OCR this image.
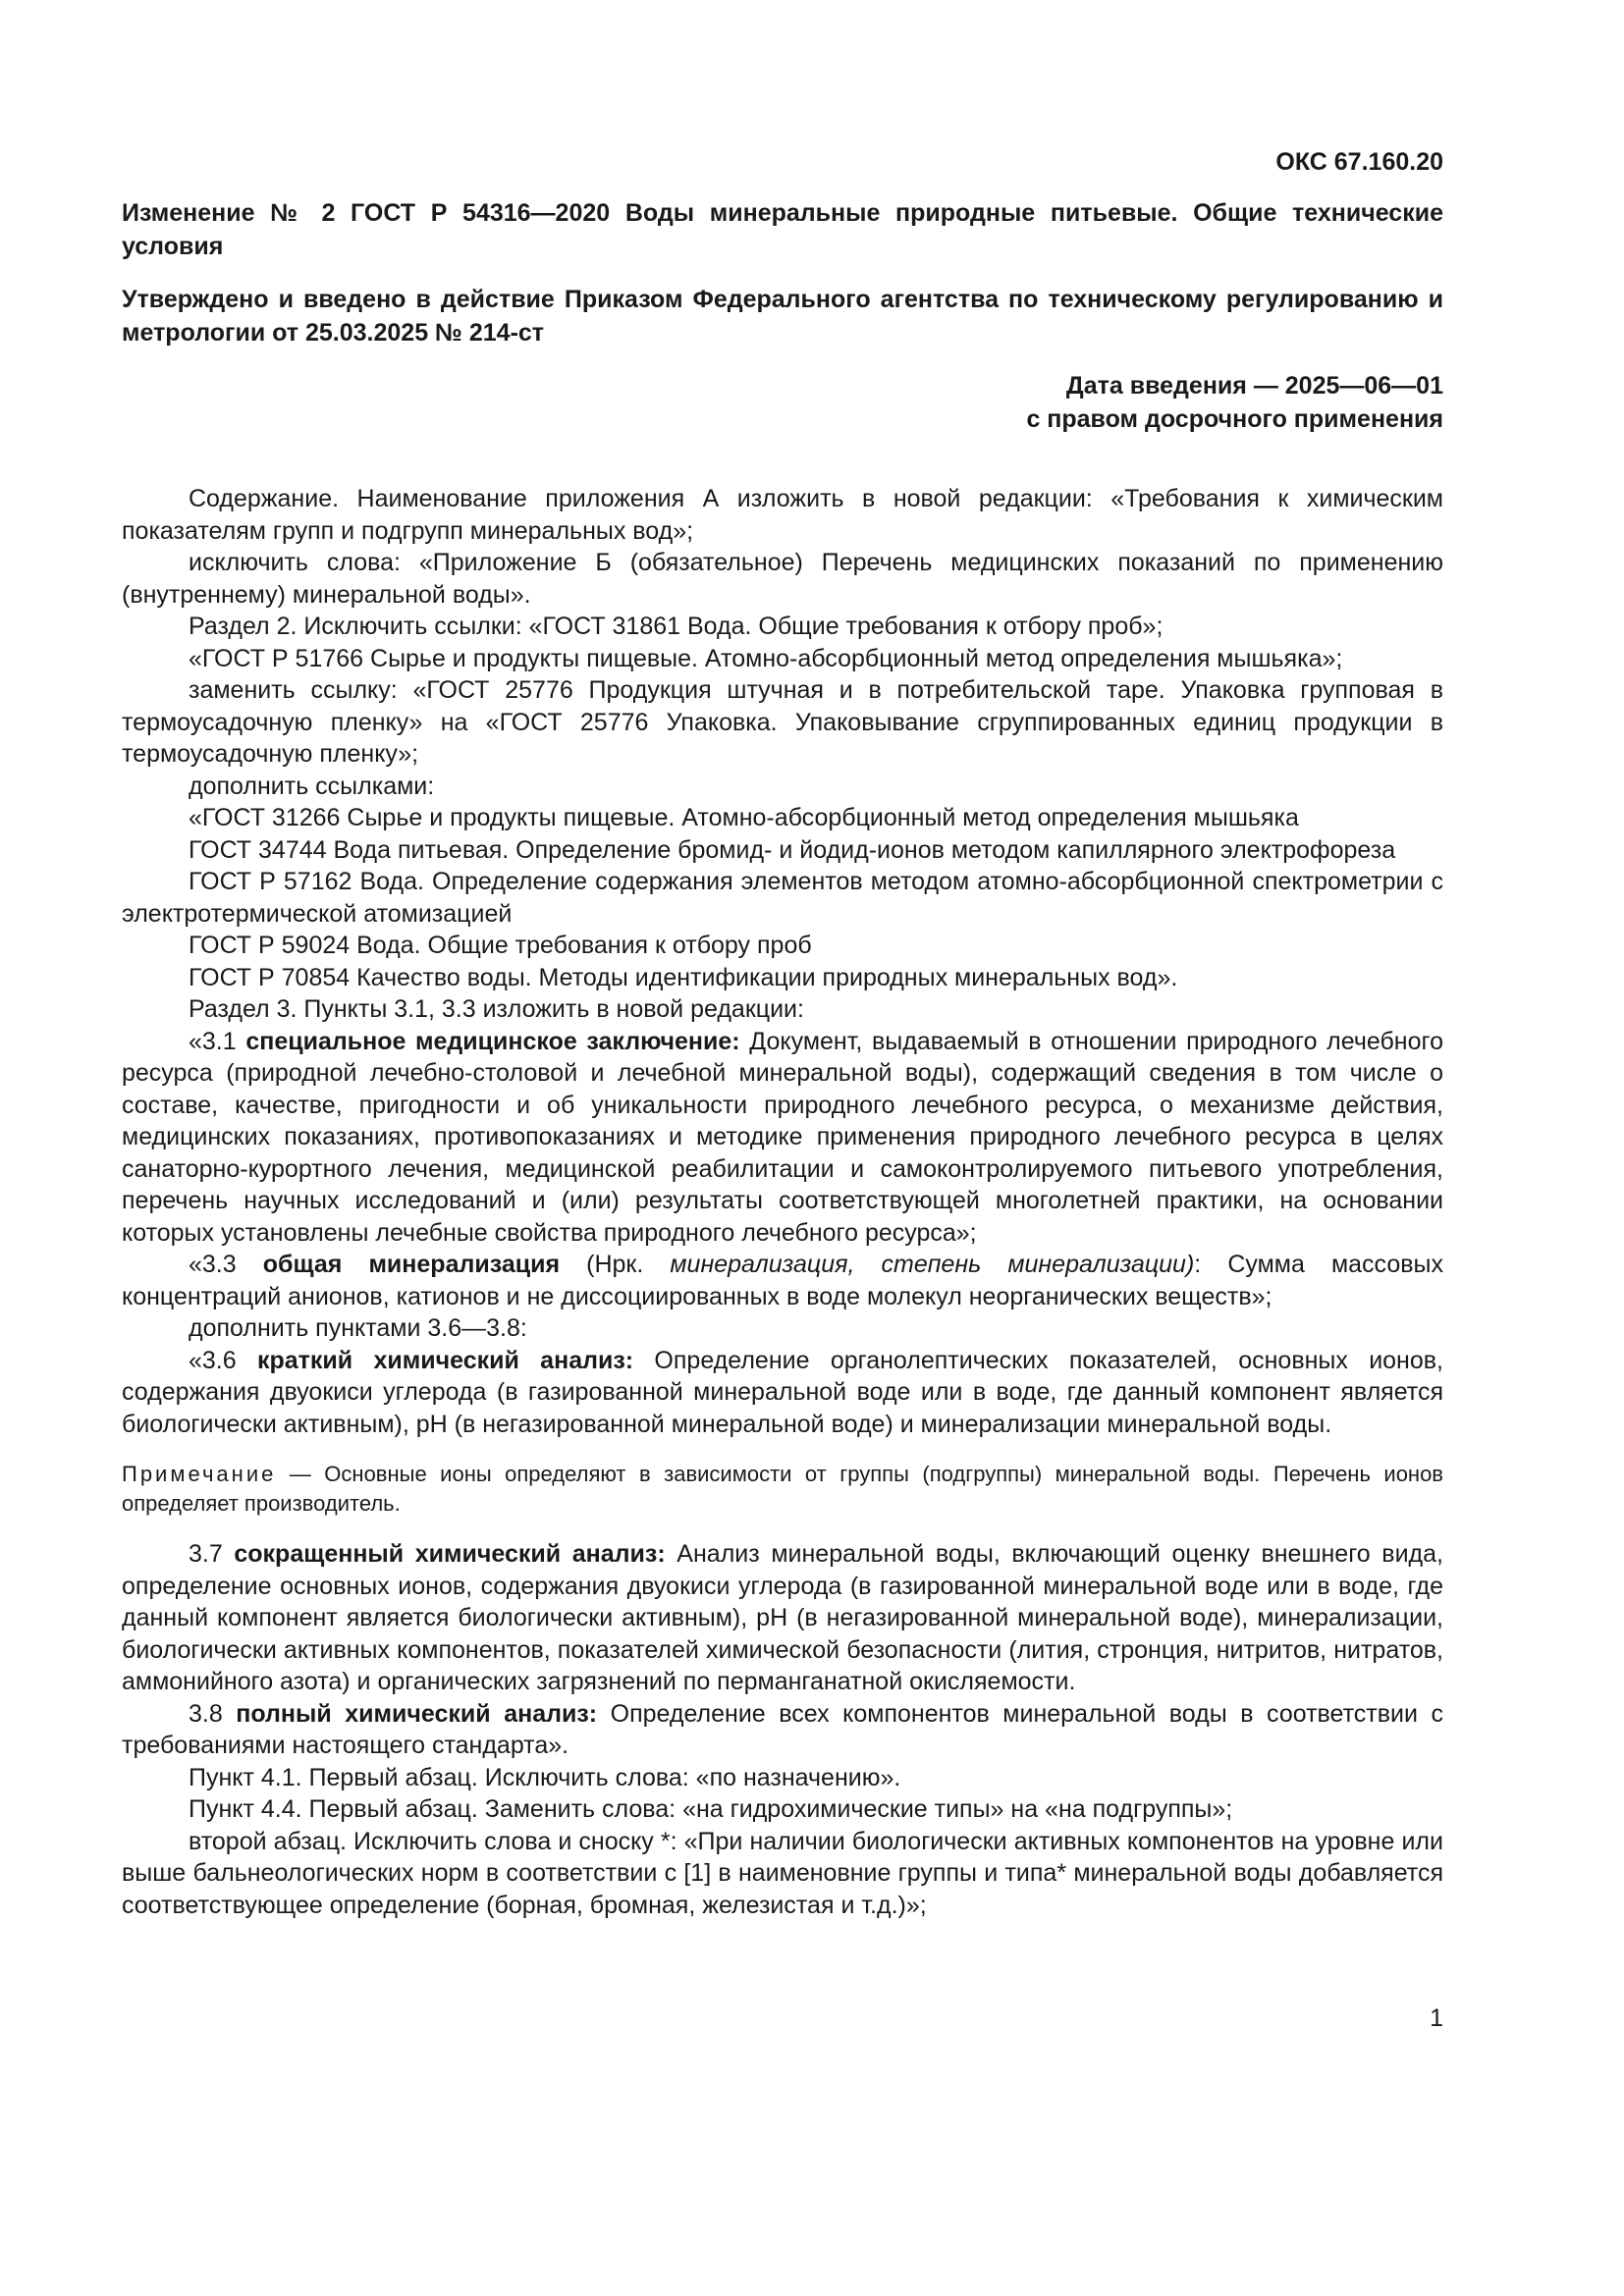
ОКС 67.160.20
Изменение № 2 ГОСТ Р 54316—2020 Воды минеральные природные питьевые. Общие технические условия
Утверждено и введено в действие Приказом Федерального агентства по техническому регулированию и метрологии от 25.03.2025 № 214-ст
Дата введения — 2025—06—01
с правом досрочного применения

Содержание. Наименование приложения А изложить в новой редакции: «Требования к химическим показателям групп и подгрупп минеральных вод»;

исключить слова: «Приложение Б (обязательное) Перечень медицинских показаний по применению (внутреннему) минеральной воды».

Раздел 2. Исключить ссылки: «ГОСТ 31861 Вода. Общие требования к отбору проб»;

«ГОСТ Р 51766 Сырье и продукты пищевые. Атомно-абсорбционный метод определения мышьяка»;

заменить ссылку: «ГОСТ 25776 Продукция штучная и в потребительской таре. Упаковка групповая в термоусадочную пленку» на «ГОСТ 25776 Упаковка. Упаковывание сгруппированных единиц продукции в термоусадочную пленку»;

дополнить ссылками:

«ГОСТ 31266 Сырье и продукты пищевые. Атомно-абсорбционный метод определения мышьяка

ГОСТ 34744 Вода питьевая. Определение бромид- и йодид-ионов методом капиллярного электрофореза

ГОСТ Р 57162 Вода. Определение содержания элементов методом атомно-абсорбционной спектрометрии с электротермической атомизацией

ГОСТ Р 59024 Вода. Общие требования к отбору проб

ГОСТ Р 70854 Качество воды. Методы идентификации природных минеральных вод».

Раздел 3. Пункты 3.1, 3.3 изложить в новой редакции:

«3.1 специальное медицинское заключение: Документ, выдаваемый в отношении природного лечебного ресурса (природной лечебно-столовой и лечебной минеральной воды), содержащий сведения в том числе о составе, качестве, пригодности и об уникальности природного лечебного ресурса, о механизме действия, медицинских показаниях, противопоказаниях и методике применения природного лечебного ресурса в целях санаторно-курортного лечения, медицинской реабилитации и самоконтролируемого питьевого употребления, перечень научных исследований и (или) результаты соответствующей многолетней практики, на основании которых установлены лечебные свойства природного лечебного ресурса»;

«3.3 общая минерализация (Нрк. минерализация, степень минерализации): Сумма массовых концентраций анионов, катионов и не диссоциированных в воде молекул неорганических веществ»;

дополнить пунктами 3.6—3.8:

«3.6 краткий химический анализ: Определение органолептических показателей, основных ионов, содержания двуокиси углерода (в газированной минеральной воде или в воде, где данный компонент является биологически активным), рН (в негазированной минеральной воде) и минерализации минеральной воды.

Примечание — Основные ионы определяют в зависимости от группы (подгруппы) минеральной воды. Перечень ионов определяет производитель.

3.7 сокращенный химический анализ: Анализ минеральной воды, включающий оценку внешнего вида, определение основных ионов, содержания двуокиси углерода (в газированной минеральной воде или в воде, где данный компонент является биологически активным), рН (в негазированной минеральной воде), минерализации, биологически активных компонентов, показателей химической безопасности (лития, стронция, нитритов, нитратов, аммонийного азота) и органических загрязнений по перманганатной окисляемости.

3.8 полный химический анализ: Определение всех компонентов минеральной воды в соответствии с требованиями настоящего стандарта».

Пункт 4.1. Первый абзац. Исключить слова: «по назначению».

Пункт 4.4. Первый абзац. Заменить слова: «на гидрохимические типы» на «на подгруппы»;

второй абзац. Исключить слова и сноску *: «При наличии биологически активных компонентов на уровне или выше бальнеологических норм в соответствии с [1] в наименовние группы и типа* минеральной воды добавляется соответствующее определение (борная, бромная, железистая и т.д.)»;

1
